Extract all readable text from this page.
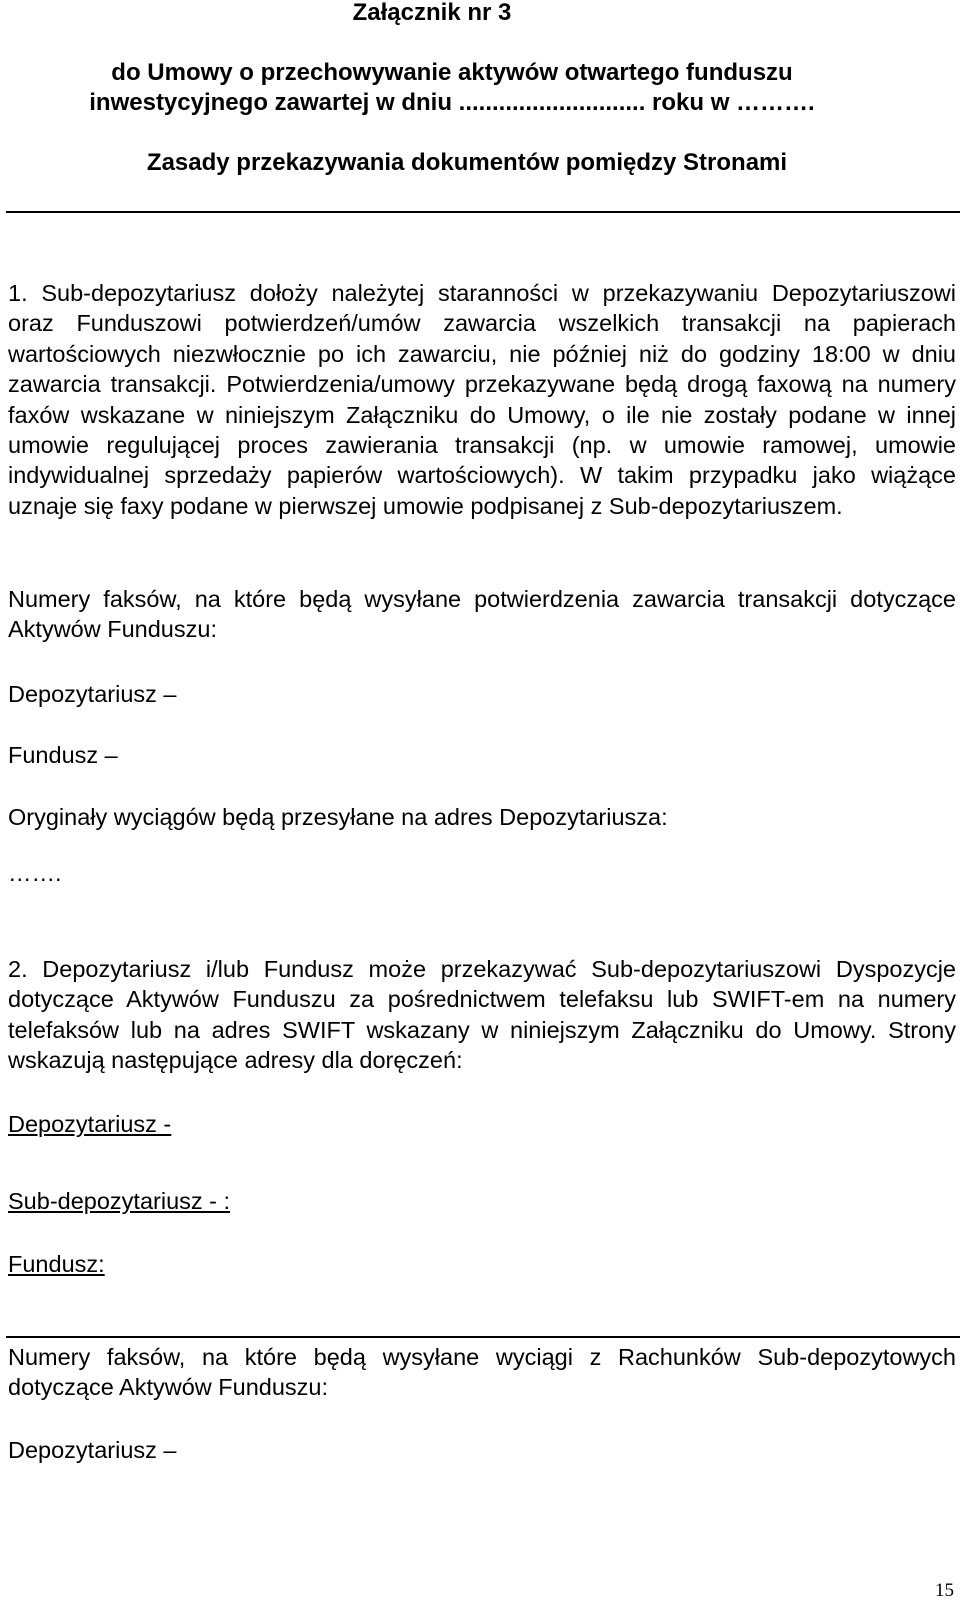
Załącznik nr 3

do Umowy o przechowywanie aktywów otwartego funduszu
inwestycyjnego zawartej w dniu ............................ roku w ……….

Zasady przekazywania dokumentów pomiędzy Stronami

1. Sub-depozytariusz dołoży należytej staranności w przekazywaniu Depozytariuszowi oraz Funduszowi potwierdzeń/umów zawarcia wszelkich transakcji na papierach wartościowych niezwłocznie po ich zawarciu, nie później niż do godziny 18:00 w dniu zawarcia transakcji. Potwierdzenia/umowy przekazywane będą drogą faxową na numery faxów wskazane w niniejszym Załączniku do Umowy, o ile nie zostały podane w innej umowie regulującej proces zawierania transakcji (np. w umowie ramowej, umowie indywidualnej sprzedaży papierów wartościowych). W takim przypadku jako wiążące uznaje się faxy podane w pierwszej umowie podpisanej z Sub-depozytariuszem.

Numery faksów, na które będą wysyłane potwierdzenia zawarcia transakcji dotyczące Aktywów Funduszu:

Depozytariusz –

Fundusz –

Oryginały wyciągów będą przesyłane na adres Depozytariusza:

…….

2. Depozytariusz i/lub Fundusz może przekazywać Sub-depozytariuszowi Dyspozycje dotyczące Aktywów Funduszu za pośrednictwem telefaksu lub SWIFT-em na numery telefaksów lub na adres SWIFT wskazany w niniejszym Załączniku do Umowy. Strony wskazują następujące adresy dla doręczeń:

Depozytariusz -

Sub-depozytariusz - :

Fundusz:

Numery faksów, na które będą wysyłane wyciągi z Rachunków Sub-depozytowych dotyczące Aktywów Funduszu:

Depozytariusz –

15
